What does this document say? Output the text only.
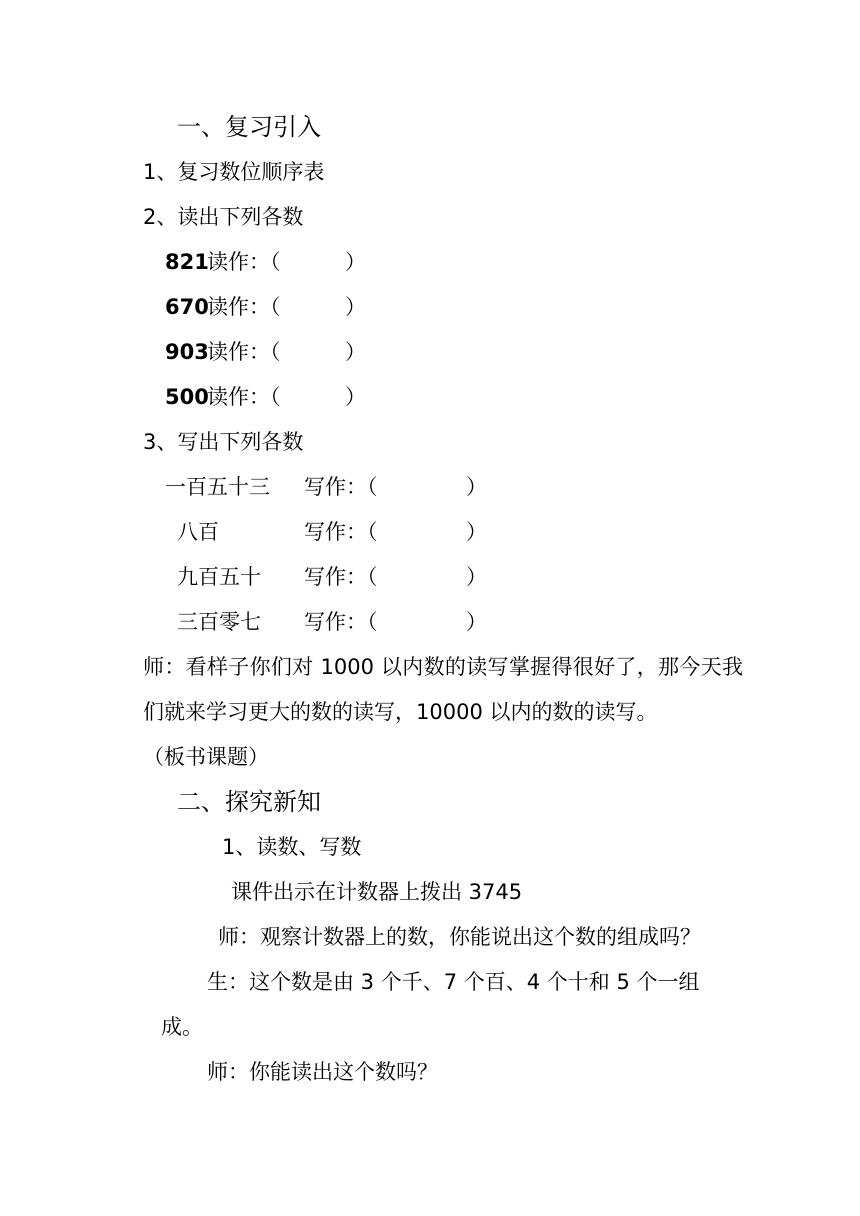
一、复习引入
1、复习数位顺序表
2、读出下列各数
821
读作：（	）
670
读作：（	）
903
读作：（	）
500
读作：（	）
3、写出下列各数
一百五十三 写作：（	）
八百	写作：（	）
九百五十 写作：（	）
三百零七 写作：（	）
师：看样子你们对 1000 以内数的读写掌握得很好了，那今天我们就来学习更大的数的读写，10000 以内的数的读写。
（板书课题）
二、探究新知
1、读数、写数
课件出示在计数器上拨出 3745
师：观察计数器上的数，你能说出这个数的组成吗？
生：这个数是由 3 个千、7 个百、4 个十和 5 个一组
成。
师：你能读出这个数吗？
